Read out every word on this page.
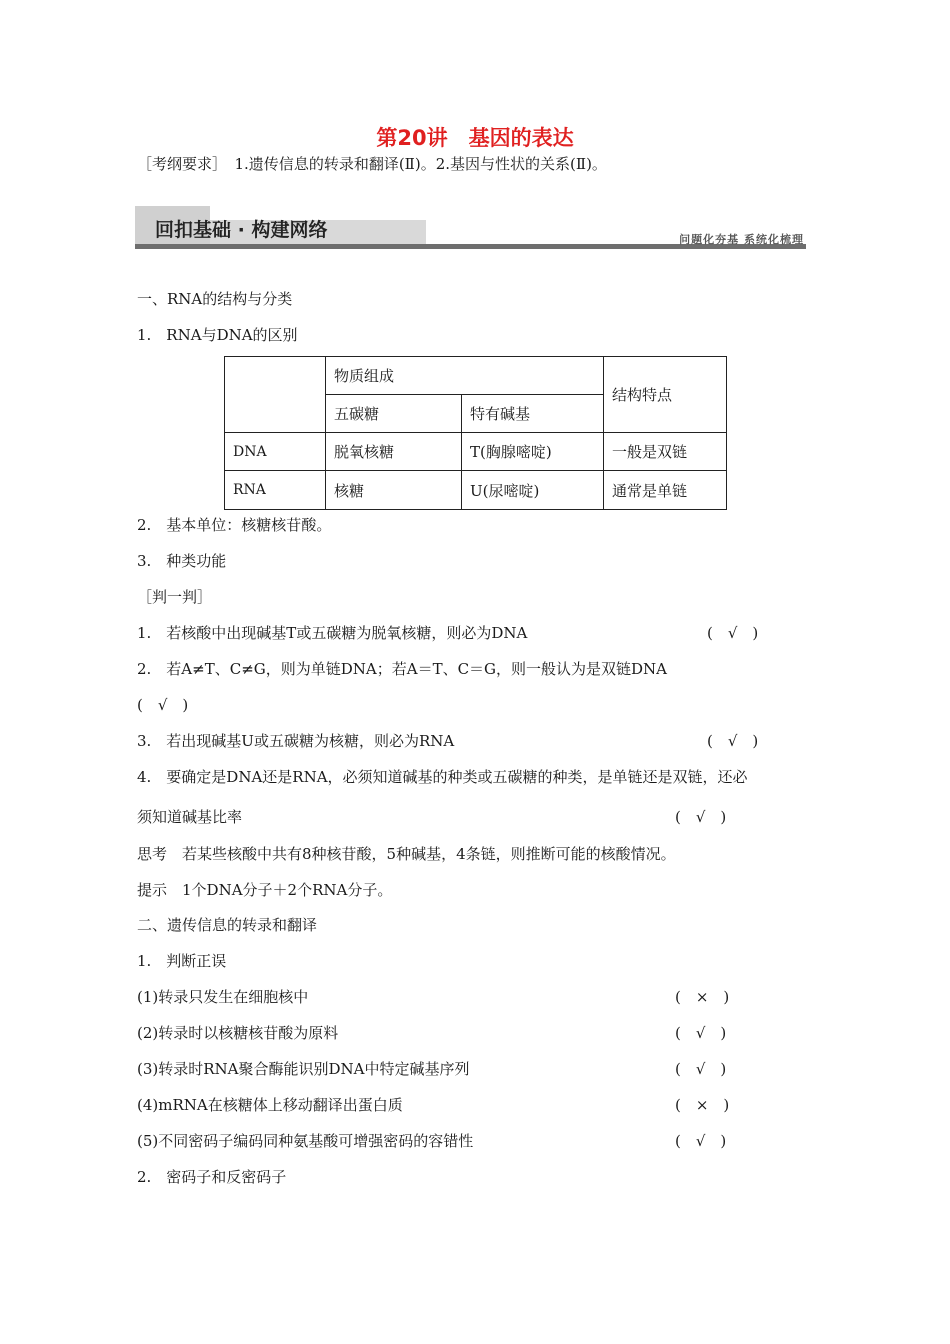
第20讲　基因的表达
［考纲要求］　1.遗传信息的转录和翻译(Ⅱ)。2.基因与性状的关系(Ⅱ)。
回扣基础 · 构建网络	问题化夯基 系统化梳理
一、RNA的结构与分类
1.　RNA与DNA的区别
	物质组成		结构特点
	五碳糖	特有碱基	
DNA	脱氧核糖	T(胸腺嘧啶)	一般是双链
RNA	核糖	U(尿嘧啶)	通常是单链
2.　基本单位：核糖核苷酸。
3.　种类功能
［判一判］
1.　若核酸中出现碱基T或五碳糖为脱氧核糖，则必为DNA	(　√　)
2.　若A≠T、C≠G，则为单链DNA；若A＝T、C＝G，则一般认为是双链DNA
(　√　)
3.　若出现碱基U或五碳糖为核糖，则必为RNA	(　√　)
4.　要确定是DNA还是RNA，必须知道碱基的种类或五碳糖的种类，是单链还是双链，还必
须知道碱基比率	(　√　)
思考　若某些核酸中共有8种核苷酸，5种碱基，4条链，则推断可能的核酸情况。
提示　1个DNA分子＋2个RNA分子。
二、遗传信息的转录和翻译
1.　判断正误
(1)转录只发生在细胞核中	(　×　)
(2)转录时以核糖核苷酸为原料	(　√　)
(3)转录时RNA聚合酶能识别DNA中特定碱基序列	(　√　)
(4)mRNA在核糖体上移动翻译出蛋白质	(　×　)
(5)不同密码子编码同种氨基酸可增强密码的容错性	(　√　)
2.　密码子和反密码子
